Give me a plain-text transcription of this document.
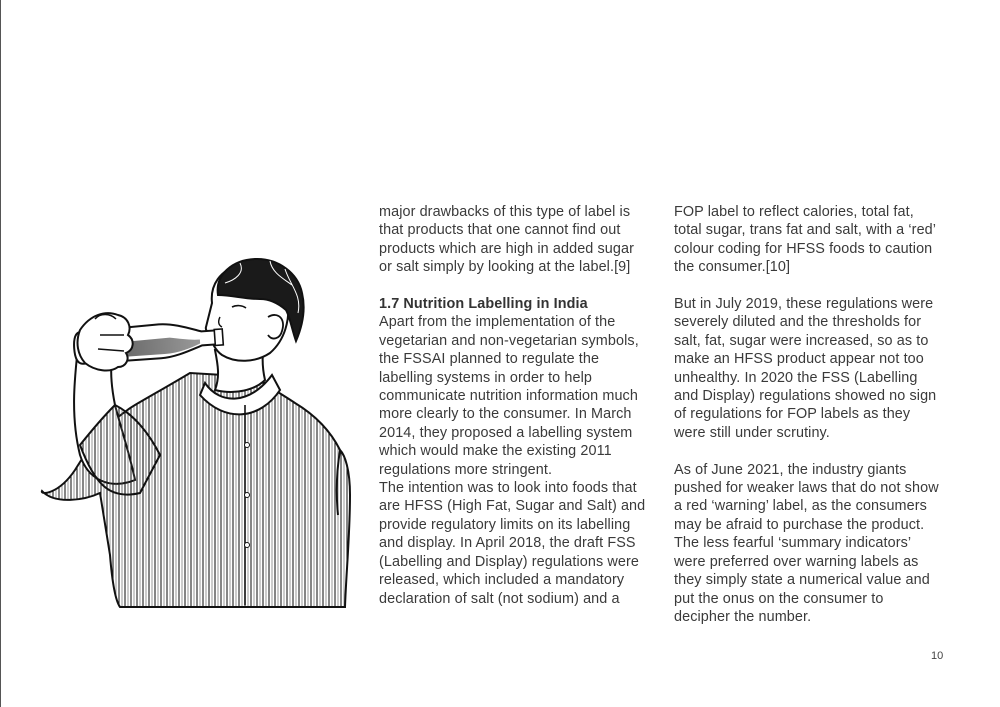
major drawbacks of this type of label is that products that one cannot find out products which are high in added sugar or salt simply by looking at the label.[9]

1.7 Nutrition Labelling in India

Apart from the implementation of the vegetarian and non-vegetarian symbols, the FSSAI planned to regulate the labelling systems in order to help communicate nutrition information much more clearly to the consumer. In March 2014, they proposed a labelling system which would make the existing 2011 regulations more stringent.

The intention was to look into foods that are HFSS (High Fat, Sugar and Salt) and provide regulatory limits on its labelling and display. In April 2018, the draft FSS (Labelling and Display) regulations were released, which included a mandatory declaration of salt (not sodium) and a

FOP label to reflect calories, total fat, total sugar, trans fat and salt, with a ‘red’ colour coding for HFSS foods to caution the consumer.[10]

But in July 2019, these regulations were severely diluted and the thresholds for salt, fat, sugar were increased, so as to make an HFSS product appear not too unhealthy. In 2020 the FSS (Labelling and Display) regulations showed no sign of regulations for FOP labels as they were still under scrutiny.

As of June 2021, the industry giants pushed for weaker laws that do not show a red ‘warning’ label, as the consumers may be afraid to purchase the product. The less fearful ‘summary indicators’ were preferred over warning labels as they simply state a numerical value and put the onus on the consumer to decipher the number.

10
